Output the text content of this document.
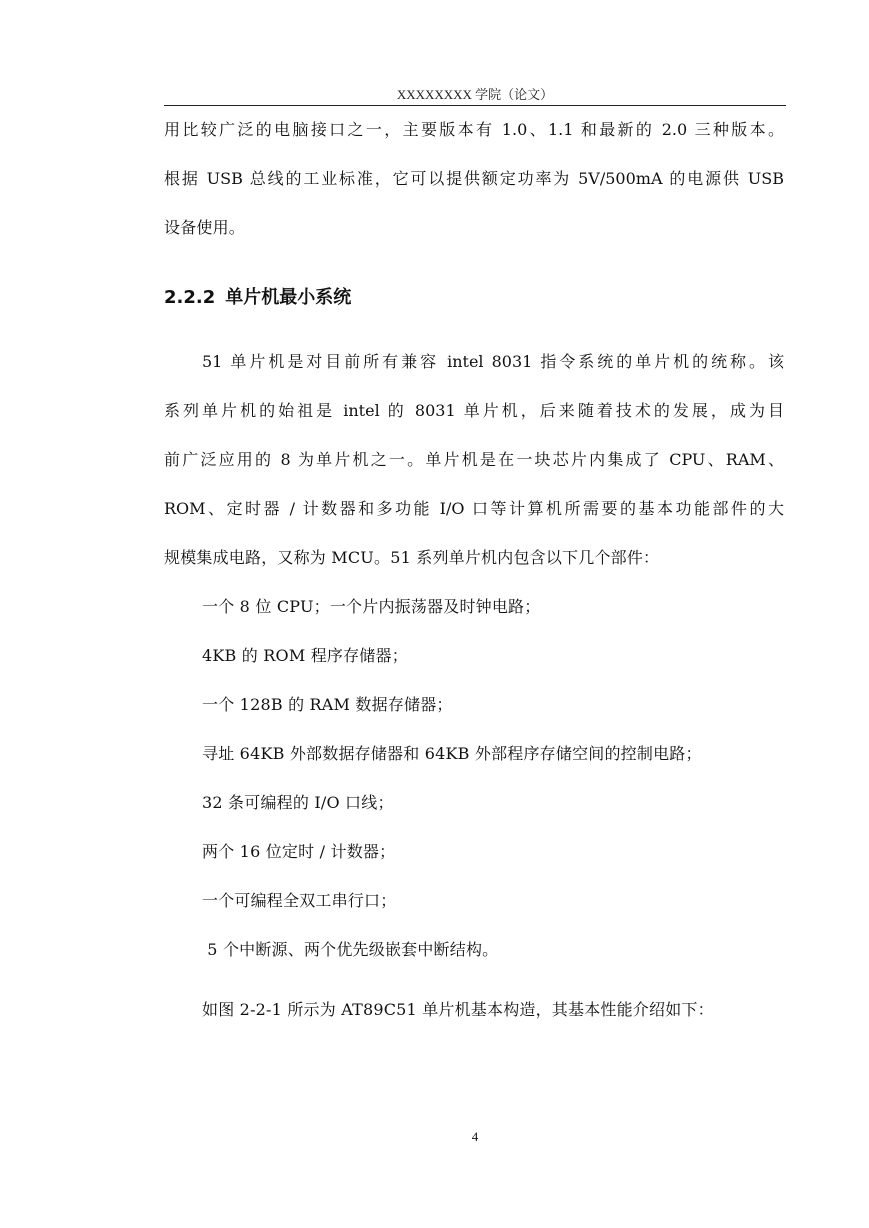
XXXXXXXX 学院（论文）
用比较广泛的电脑接口之一，主要版本有 1.0、1.1 和最新的 2.0 三种版本。
根据 USB 总线的工业标准，它可以提供额定功率为 5V/500mA 的电源供 USB
设备使用。
2.2.2 单片机最小系统
51 单片机是对目前所有兼容 intel 8031 指令系统的单片机的统称。该
系列单片机的始祖是 intel 的 8031 单片机，后来随着技术的发展，成为目
前广泛应用的 8 为单片机之一。单片机是在一块芯片内集成了 CPU、RAM、
ROM、定时器 / 计数器和多功能 I/O 口等计算机所需要的基本功能部件的大
规模集成电路，又称为 MCU。51 系列单片机内包含以下几个部件：
一个 8 位 CPU；一个片内振荡器及时钟电路；
4KB 的 ROM 程序存储器；
一个 128B 的 RAM 数据存储器；
寻址 64KB 外部数据存储器和 64KB 外部程序存储空间的控制电路；
32 条可编程的 I/O 口线；
两个 16 位定时 / 计数器；
一个可编程全双工串行口；
5 个中断源、两个优先级嵌套中断结构。
如图 2-2-1 所示为 AT89C51 单片机基本构造，其基本性能介绍如下：
4
